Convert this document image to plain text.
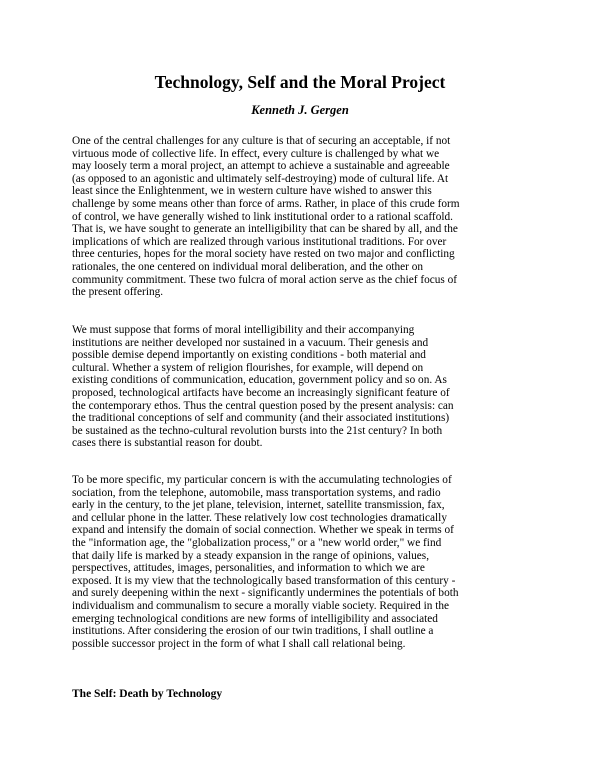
Technology, Self and the Moral Project
Kenneth J. Gergen
One of the central challenges for any culture is that of securing an acceptable, if not
virtuous mode of collective life. In effect, every culture is challenged by what we
may loosely term a moral project, an attempt to achieve a sustainable and agreeable
(as opposed to an agonistic and ultimately self-destroying) mode of cultural life. At
least since the Enlightenment, we in western culture have wished to answer this
challenge by some means other than force of arms. Rather, in place of this crude form
of control, we have generally wished to link institutional order to a rational scaffold.
That is, we have sought to generate an intelligibility that can be shared by all, and the
implications of which are realized through various institutional traditions. For over
three centuries, hopes for the moral society have rested on two major and conflicting
rationales, the one centered on individual moral deliberation, and the other on
community commitment. These two fulcra of moral action serve as the chief focus of
the present offering.
We must suppose that forms of moral intelligibility and their accompanying
institutions are neither developed nor sustained in a vacuum. Their genesis and
possible demise depend importantly on existing conditions - both material and
cultural. Whether a system of religion flourishes, for example, will depend on
existing conditions of communication, education, government policy and so on. As
proposed, technological artifacts have become an increasingly significant feature of
the contemporary ethos. Thus the central question posed by the present analysis: can
the traditional conceptions of self and community (and their associated institutions)
be sustained as the techno-cultural revolution bursts into the 21st century? In both
cases there is substantial reason for doubt.
To be more specific, my particular concern is with the accumulating technologies of
sociation, from the telephone, automobile, mass transportation systems, and radio
early in the century, to the jet plane, television, internet, satellite transmission, fax,
and cellular phone in the latter. These relatively low cost technologies dramatically
expand and intensify the domain of social connection. Whether we speak in terms of
the "information age, the "globalization process," or a "new world order," we find
that daily life is marked by a steady expansion in the range of opinions, values,
perspectives, attitudes, images, personalities, and information to which we are
exposed. It is my view that the technologically based transformation of this century -
and surely deepening within the next - significantly undermines the potentials of both
individualism and communalism to secure a morally viable society. Required in the
emerging technological conditions are new forms of intelligibility and associated
institutions. After considering the erosion of our twin traditions, I shall outline a
possible successor project in the form of what I shall call relational being.
The Self: Death by Technology
